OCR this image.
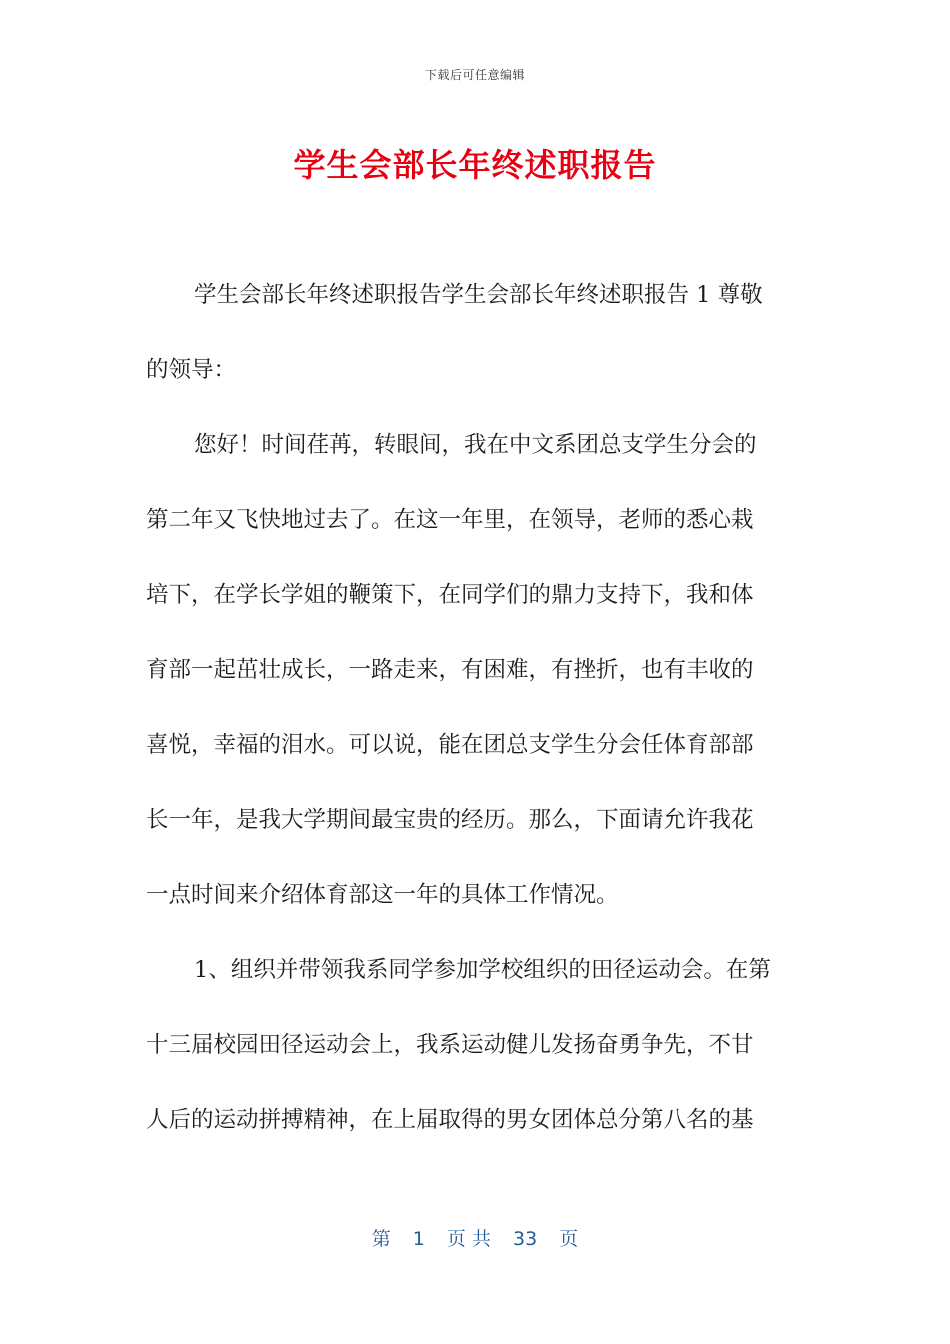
下载后可任意编辑
学生会部长年终述职报告
学生会部长年终述职报告学生会部长年终述职报告 1 尊敬
的领导：
您好！时间荏苒，转眼间，我在中文系团总支学生分会的
第二年又飞快地过去了。在这一年里，在领导，老师的悉心栽
培下，在学长学姐的鞭策下，在同学们的鼎力支持下，我和体
育部一起茁壮成长，一路走来，有困难，有挫折，也有丰收的
喜悦，幸福的泪水。可以说，能在团总支学生分会任体育部部
长一年，是我大学期间最宝贵的经历。那么，下面请允许我花
一点时间来介绍体育部这一年的具体工作情况。
1、组织并带领我系同学参加学校组织的田径运动会。在第
十三届校园田径运动会上，我系运动健儿发扬奋勇争先，不甘
人后的运动拼搏精神，在上届取得的男女团体总分第八名的基
第 1 页 共 33 页
